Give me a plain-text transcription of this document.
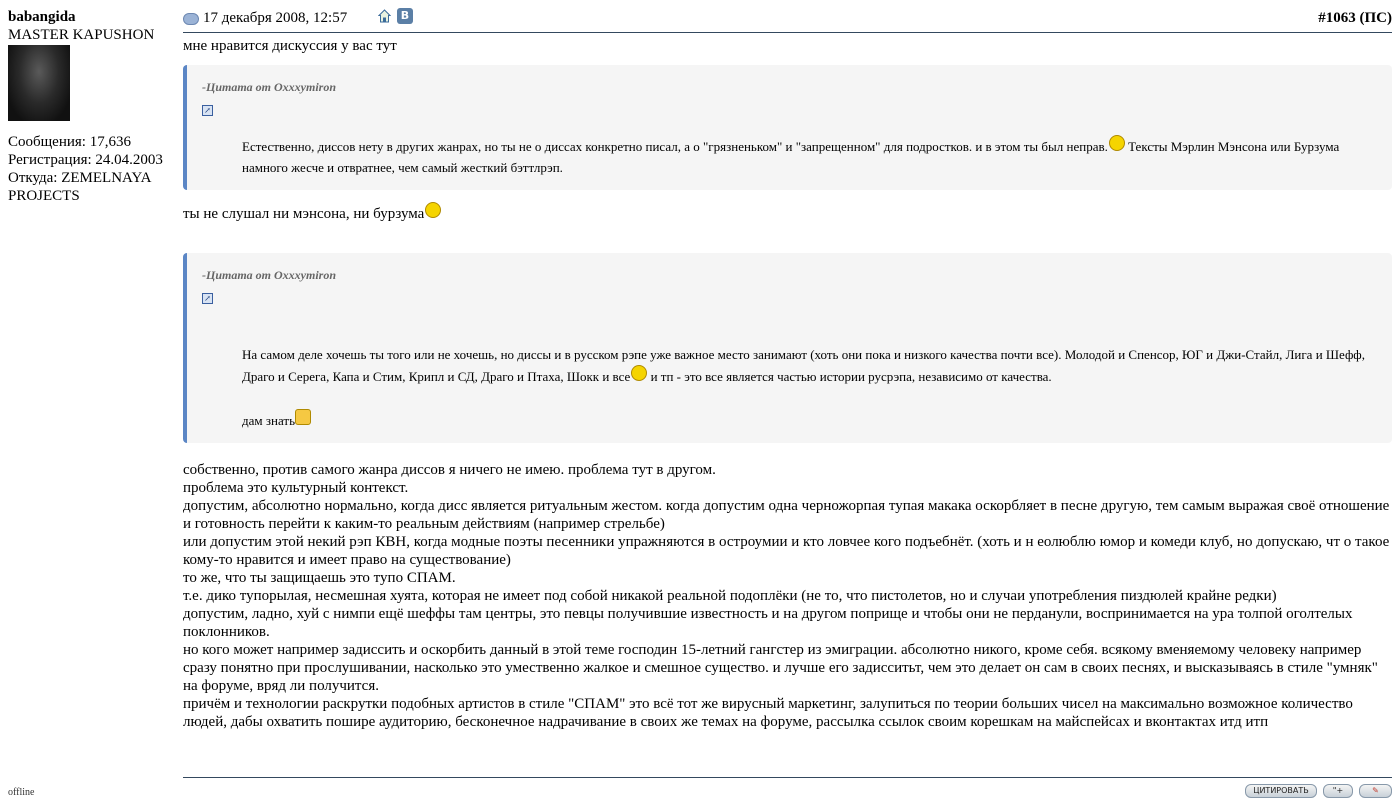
babangida
MASTER KAPUSHON
Сообщения: 17,636
Регистрация: 24.04.2003
Откуда: ZEMELNAYA PROJECTS
offline
17 декабря 2008, 12:57	В	#1063 (ПС)
мне нравится дискуссия у вас тут
-Цитата от Oxxxymiron
↗
Естественно, диссов нету в других жанрах, но ты не о диссах конкретно писал, а о "грязненьком" и "запрещенном" для подростков. и в этом ты был неправ. Тексты Мэрлин Мэнсона или Бурзума намного жесче и отвратнее, чем самый жесткий бэттлрэп.
ты не слушал ни мэнсона, ни бурзума
-Цитата от Oxxxymiron
↗
На самом деле хочешь ты того или не хочешь, но диссы и в русском рэпе уже важное место занимают (хоть они пока и низкого качества почти все). Молодой и Спенсор, ЮГ и Джи-Стайл, Лига и Шефф, Драго и Серега, Капа и Стим, Крипл и СД, Драго и Птаха, Шокк и все и тп - это все является частью истории русрэпа, независимо от качества.
дам знать
собственно, против самого жанра диссов я ничего не имею. проблема тут в другом.
проблема это культурный контекст.
допустим, абсолютно нормально, когда дисс является ритуальным жестом. когда допустим одна черножорпая тупая макака оскорбляет в песне другую, тем самым выражая своё отношение и готовность перейти к каким-то реальным действиям (например стрельбе)
или допустим этой некий рэп КВН, когда модные поэты песенники упражняются в остроумии и кто ловчее кого подъебнёт. (хоть и н еолюблю юмор и комеди клуб, но допускаю, чт о такое кому-то нравится и имеет право на существование)
то же, что ты защищаешь это тупо СПАМ.
т.е. дико тупорылая, несмешная хуята, которая не имеет под собой никакой реальной подоплёки (не то, что пистолетов, но и случаи употребления пиздюлей крайне редки)
допустим, ладно, хуй с нимпи ещё шеффы там центры, это певцы получившие известность и на другом поприще и чтобы они не перданули, воспринимается на ура толпой оголтелых поклонников.
но кого может например задиссить и оскорбить данный в этой теме господин 15-летний гангстер из эмиграции. абсолютно никого, кроме себя. всякому вменяемому человеку например сразу понятно при прослушивании, насколько это умественно жалкое и смешное существо. и лучше его задисситьт, чем это делает он сам в своих песнях, и высказываясь в стиле "умняк" на форуме, вряд ли получится.
причём и технологии раскрутки подобных артистов в стиле "СПАМ" это всё тот же вирусный маркетинг, залупиться по теории больших чисел на максимально возможное количество людей, дабы охватить пошире аудиторию, бесконечное надрачивание в своих же темах на форуме, рассылка ссылок своим корешкам на майспейсах и вконтактах итд итп
ЦИТИРОВАТЬ	"+	✎
